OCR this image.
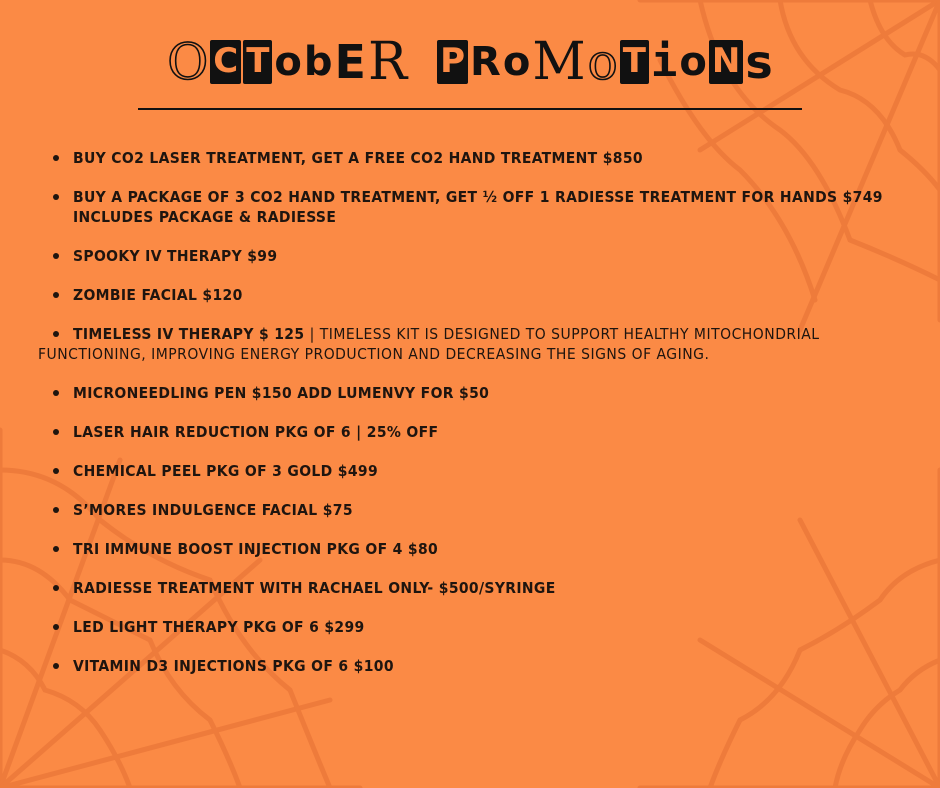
O C T o b E R P R o M o T i o N s
BUY CO2 LASER TREATMENT, GET A FREE CO2 HAND TREATMENT $850
BUY A PACKAGE OF 3 CO2 HAND TREATMENT, GET ½ OFF 1 RADIESSE TREATMENT FOR HANDS $749 INCLUDES PACKAGE & RADIESSE
SPOOKY IV THERAPY $99
ZOMBIE FACIAL $120
TIMELESS IV THERAPY $ 125 | TIMELESS KIT IS DESIGNED TO SUPPORT HEALTHY MITOCHONDRIAL FUNCTIONING, IMPROVING ENERGY PRODUCTION AND DECREASING THE SIGNS OF AGING.
MICRONEEDLING PEN $150 ADD LUMENVY FOR $50
LASER HAIR REDUCTION PKG OF 6 | 25% OFF
CHEMICAL PEEL PKG OF 3 GOLD $499
S’MORES INDULGENCE FACIAL $75
TRI IMMUNE BOOST INJECTION PKG OF 4 $80
RADIESSE TREATMENT WITH RACHAEL ONLY- $500/SYRINGE
LED LIGHT THERAPY PKG OF 6 $299
VITAMIN D3 INJECTIONS PKG OF 6 $100
